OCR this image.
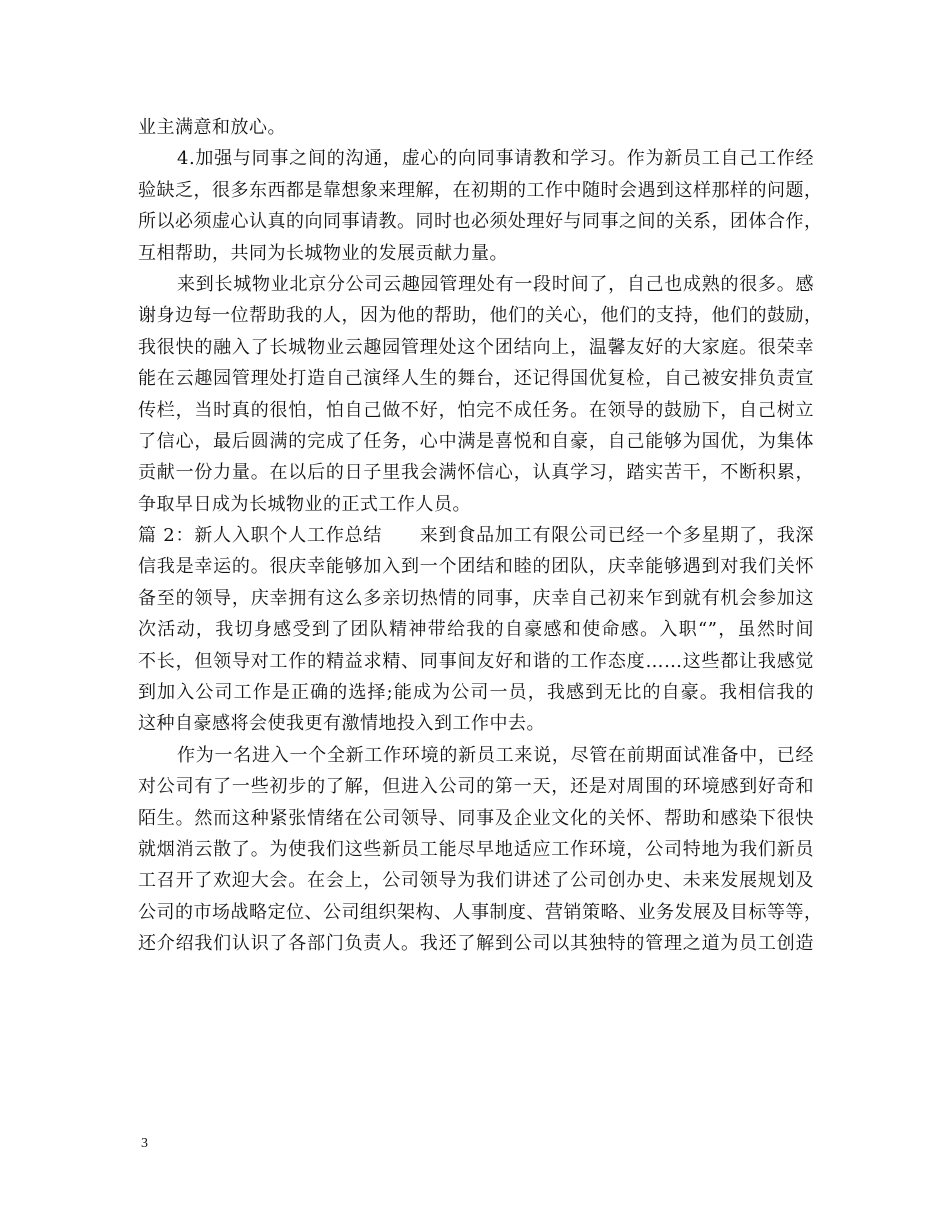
业主满意和放心。
4.加强与同事之间的沟通，虚心的向同事请教和学习。作为新员工自己工作经
验缺乏，很多东西都是靠想象来理解，在初期的工作中随时会遇到这样那样的问题，
所以必须虚心认真的向同事请教。同时也必须处理好与同事之间的关系，团体合作，
互相帮助，共同为长城物业的发展贡献力量。
来到长城物业北京分公司云趣园管理处有一段时间了，自己也成熟的很多。感
谢身边每一位帮助我的人，因为他的帮助，他们的关心，他们的支持，他们的鼓励，
我很快的融入了长城物业云趣园管理处这个团结向上，温馨友好的大家庭。很荣幸
能在云趣园管理处打造自己演绎人生的舞台，还记得国优复检，自己被安排负责宣
传栏，当时真的很怕，怕自己做不好，怕完不成任务。在领导的鼓励下，自己树立
了信心，最后圆满的完成了任务，心中满是喜悦和自豪，自己能够为国优，为集体
贡献一份力量。在以后的日子里我会满怀信心，认真学习，踏实苦干，不断积累，
争取早日成为长城物业的正式工作人员。
篇 2：新人入职个人工作总结　　来到食品加工有限公司已经一个多星期了，我深
信我是幸运的。很庆幸能够加入到一个团结和睦的团队，庆幸能够遇到对我们关怀
备至的领导，庆幸拥有这么多亲切热情的同事，庆幸自己初来乍到就有机会参加这
次活动，我切身感受到了团队精神带给我的自豪感和使命感。入职“”，虽然时间
不长，但领导对工作的精益求精、同事间友好和谐的工作态度……这些都让我感觉
到加入公司工作是正确的选择;能成为公司一员，我感到无比的自豪。我相信我的
这种自豪感将会使我更有激情地投入到工作中去。
作为一名进入一个全新工作环境的新员工来说，尽管在前期面试准备中，已经
对公司有了一些初步的了解，但进入公司的第一天，还是对周围的环境感到好奇和
陌生。然而这种紧张情绪在公司领导、同事及企业文化的关怀、帮助和感染下很快
就烟消云散了。为使我们这些新员工能尽早地适应工作环境，公司特地为我们新员
工召开了欢迎大会。在会上，公司领导为我们讲述了公司创办史、未来发展规划及
公司的市场战略定位、公司组织架构、人事制度、营销策略、业务发展及目标等等，
还介绍我们认识了各部门负责人。我还了解到公司以其独特的管理之道为员工创造
3
